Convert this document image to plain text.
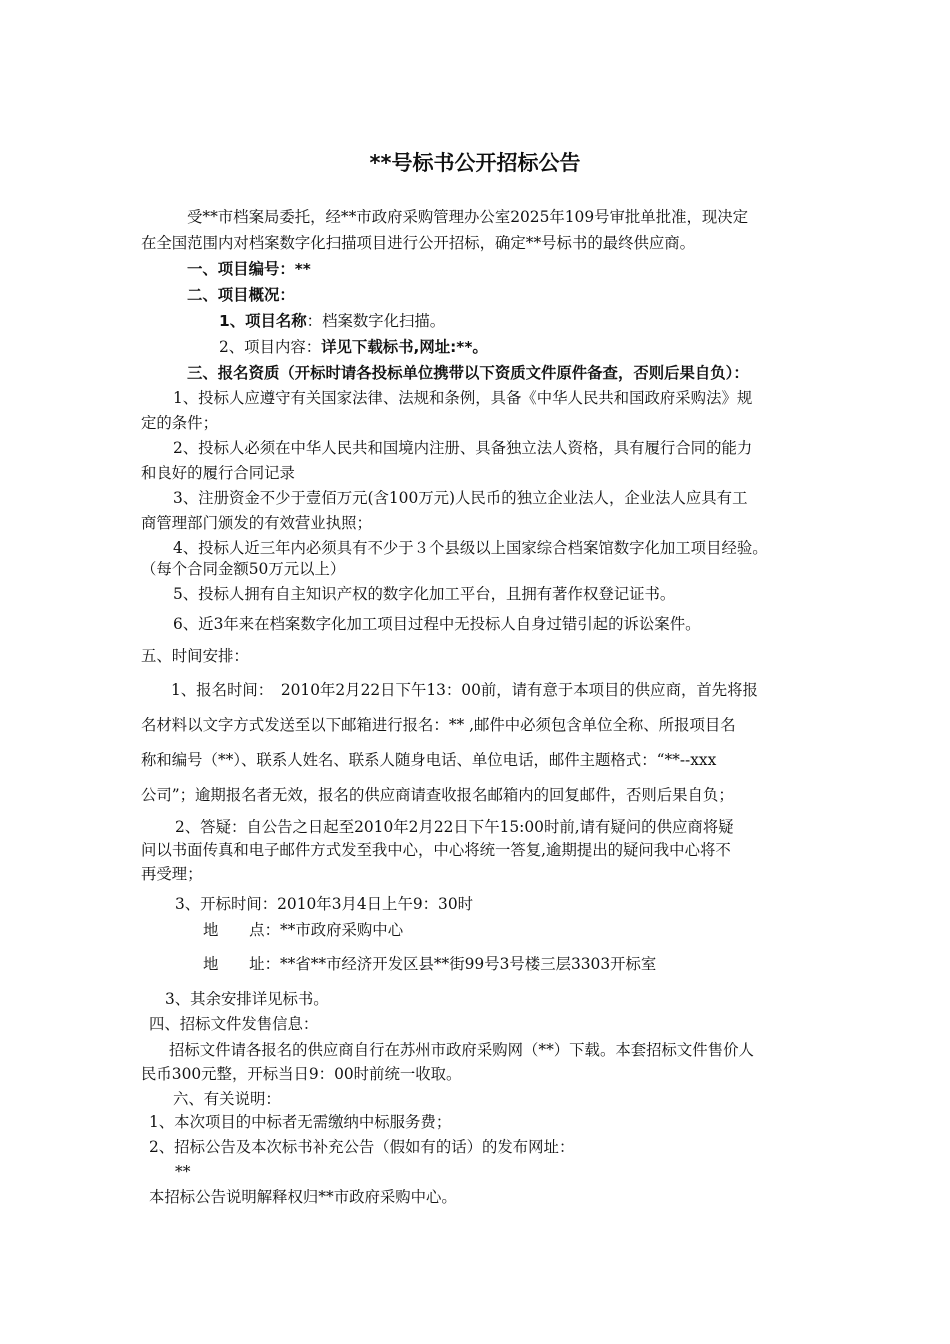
**号标书公开招标公告
受**市档案局委托，经**市政府采购管理办公室2025年109号审批单批准，现决定
在全国范围内对档案数字化扫描项目进行公开招标，确定**号标书的最终供应商。
一、项目编号：**
二、项目概况：
1、项目名称：档案数字化扫描。
2、项目内容：详见下载标书,网址:**。
三、报名资质（开标时请各投标单位携带以下资质文件原件备查，否则后果自负）：
1、投标人应遵守有关国家法律、法规和条例，具备《中华人民共和国政府采购法》规
定的条件；
2、投标人必须在中华人民共和国境内注册、具备独立法人资格，具有履行合同的能力
和良好的履行合同记录
3、注册资金不少于壹佰万元(含100万元)人民币的独立企业法人，企业法人应具有工
商管理部门颁发的有效营业执照；
4、投标人近三年内必须具有不少于３个县级以上国家综合档案馆数字化加工项目经验。
（每个合同金额50万元以上）
5、投标人拥有自主知识产权的数字化加工平台，且拥有著作权登记证书。
6、近3年来在档案数字化加工项目过程中无投标人自身过错引起的诉讼案件。
五、时间安排：
1、报名时间：　2010年2月22日下午13：00前，请有意于本项目的供应商，首先将报
名材料以文字方式发送至以下邮箱进行报名：** ,邮件中必须包含单位全称、所报项目名
称和编号（**）、联系人姓名、联系人随身电话、单位电话，邮件主题格式：“**--xxx
公司”；逾期报名者无效，报名的供应商请查收报名邮箱内的回复邮件，否则后果自负；
2、答疑：自公告之日起至2010年2月22日下午15:00时前,请有疑问的供应商将疑
问以书面传真和电子邮件方式发至我中心，中心将统一答复,逾期提出的疑问我中心将不
再受理；
3、开标时间：2010年3月4日上午9：30时
地　　点：**市政府采购中心
地　　址：**省**市经济开发区县**街99号3号楼三层3303开标室
3、其余安排详见标书。
四、招标文件发售信息：
招标文件请各报名的供应商自行在苏州市政府采购网（**）下载。本套招标文件售价人
民币300元整，开标当日9：00时前统一收取。
六、有关说明：
1、本次项目的中标者无需缴纳中标服务费；
2、招标公告及本次标书补充公告（假如有的话）的发布网址：
**
本招标公告说明解释权归**市政府采购中心。
